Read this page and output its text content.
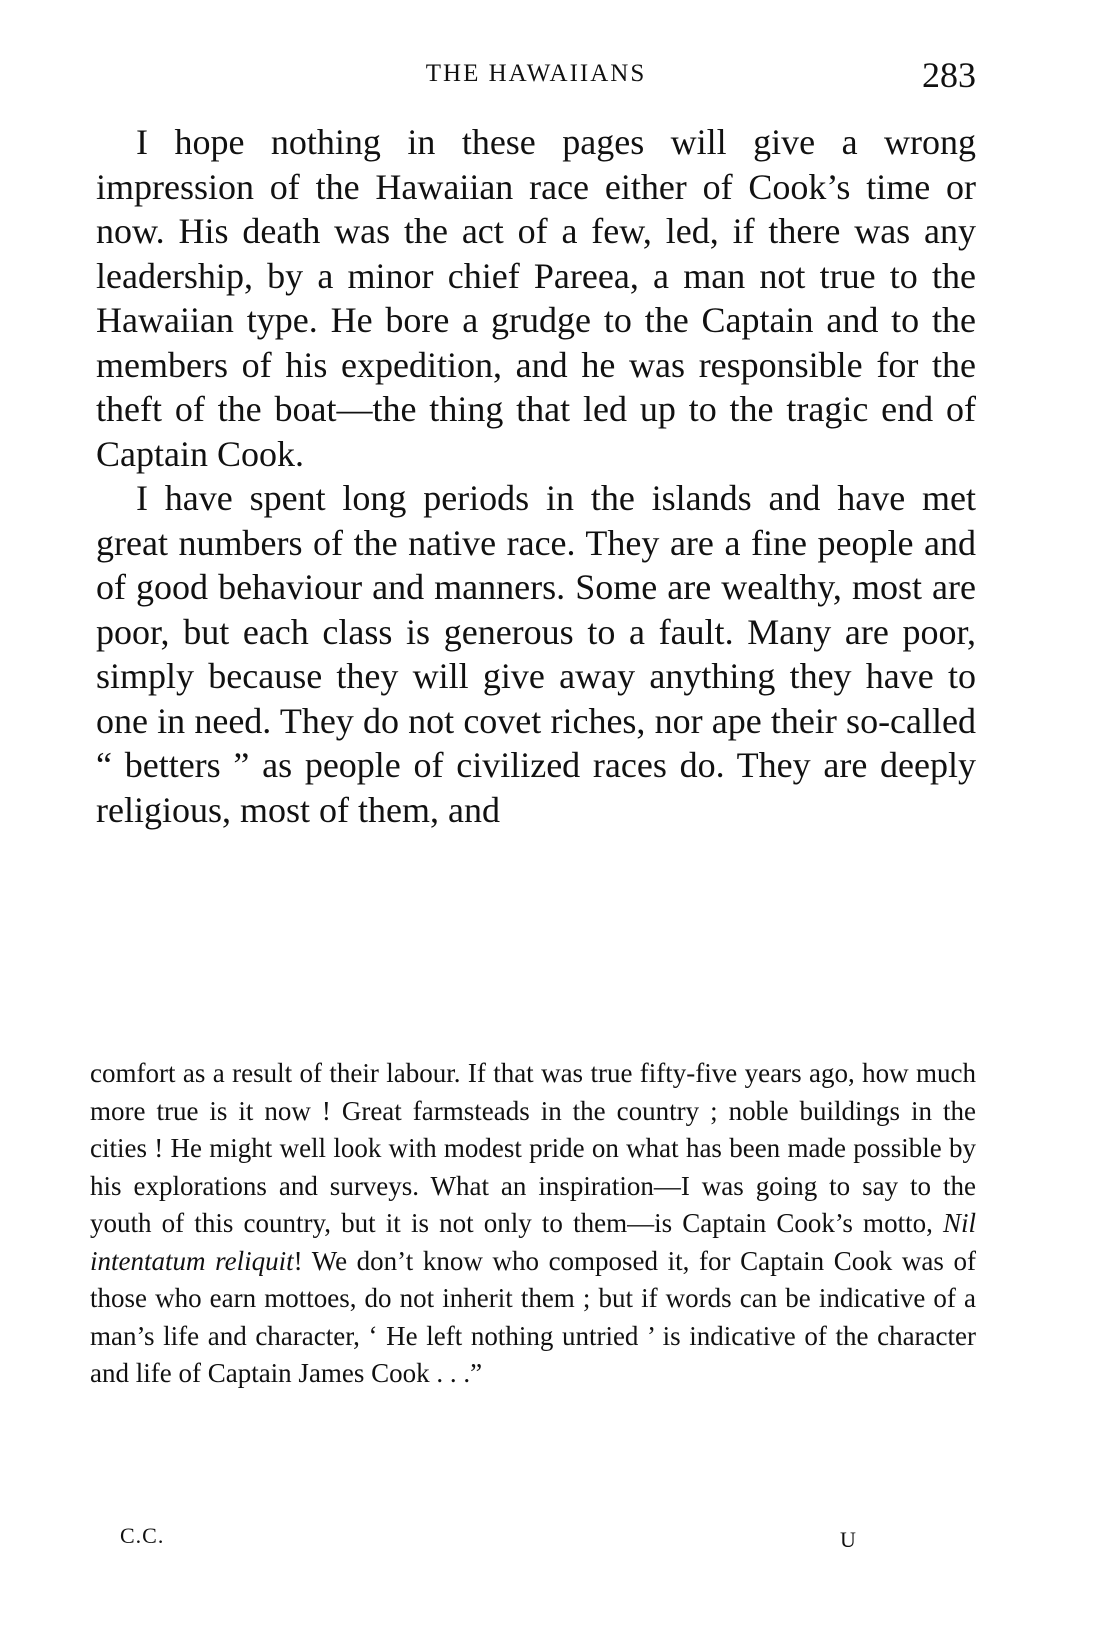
THE HAWAIIANS	283

I hope nothing in these pages will give a wrong impression of the Hawaiian race either of Cook’s time or now. His death was the act of a few, led, if there was any leadership, by a minor chief Pareea, a man not true to the Hawaiian type. He bore a grudge to the Captain and to the members of his expedition, and he was responsible for the theft of the boat—the thing that led up to the tragic end of Captain Cook.

I have spent long periods in the islands and have met great numbers of the native race. They are a fine people and of good behaviour and manners. Some are wealthy, most are poor, but each class is generous to a fault. Many are poor, simply because they will give away anything they have to one in need. They do not covet riches, nor ape their so-called “ betters ” as people of civilized races do. They are deeply religious, most of them, and

comfort as a result of their labour. If that was true fifty-five years ago, how much more true is it now ! Great farmsteads in the country ; noble buildings in the cities ! He might well look with modest pride on what has been made possible by his explorations and surveys. What an inspiration—I was going to say to the youth of this country, but it is not only to them—is Captain Cook’s motto, Nil intentatum reliquit! We don’t know who composed it, for Captain Cook was of those who earn mottoes, do not inherit them ; but if words can be indicative of a man’s life and character, ‘ He left nothing untried ’ is indicative of the character and life of Captain James Cook . . .”

C.C.	U
